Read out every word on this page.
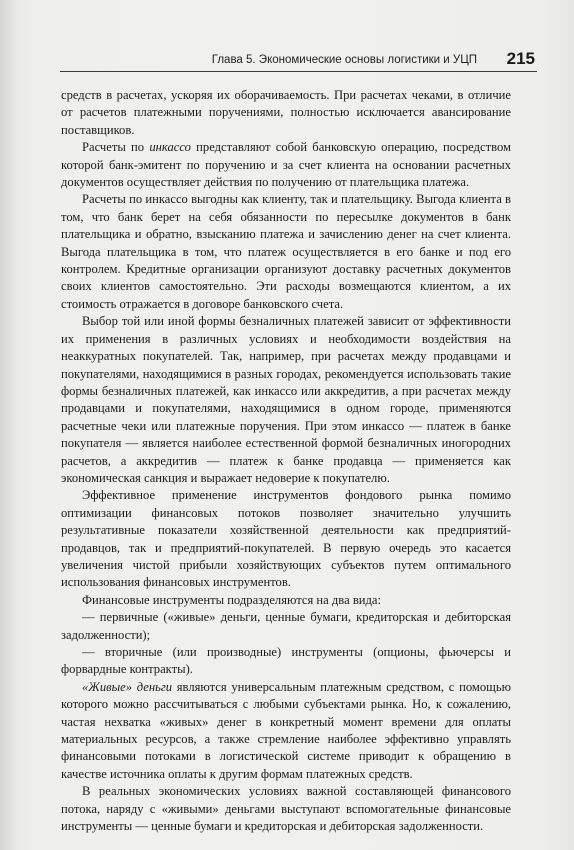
Глава 5. Экономические основы логистики и УЦП 215

средств в расчетах, ускоряя их оборачиваемость. При расчетах чеками, в отличие от расчетов платежными поручениями, полностью исключается авансирование поставщиков.

Расчеты по инкассо представляют собой банковскую операцию, посредством которой банк-эмитент по поручению и за счет клиента на основании расчетных документов осуществляет действия по получению от плательщика платежа.

Расчеты по инкассо выгодны как клиенту, так и плательщику. Выгода клиента в том, что банк берет на себя обязанности по пересылке документов в банк плательщика и обратно, взысканию платежа и зачислению денег на счет клиента. Выгода плательщика в том, что платеж осуществляется в его банке и под его контролем. Кредитные организации организуют доставку расчетных документов своих клиентов самостоятельно. Эти расходы возмещаются клиентом, а их стоимость отражается в договоре банковского счета.

Выбор той или иной формы безналичных платежей зависит от эффективности их применения в различных условиях и необходимости воздействия на неаккуратных покупателей. Так, например, при расчетах между продавцами и покупателями, находящимися в разных городах, рекомендуется использовать такие формы безналичных платежей, как инкассо или аккредитив, а при расчетах между продавцами и покупателями, находящимися в одном городе, применяются расчетные чеки или платежные поручения. При этом инкассо — платеж в банке покупателя — является наиболее естественной формой безналичных иногородних расчетов, а аккредитив — платеж к банке продавца — применяется как экономическая санкция и выражает недоверие к покупателю.

Эффективное применение инструментов фондового рынка помимо оптимизации финансовых потоков позволяет значительно улучшить результативные показатели хозяйственной деятельности как предприятий-продавцов, так и предприятий-покупателей. В первую очередь это касается увеличения чистой прибыли хозяйствующих субъектов путем оптимального использования финансовых инструментов.

Финансовые инструменты подразделяются на два вида:

— первичные («живые» деньги, ценные бумаги, кредиторская и дебиторская задолженности);

— вторичные (или производные) инструменты (опционы, фьючерсы и форвардные контракты).

«Живые» деньги являются универсальным платежным средством, с помощью которого можно рассчитываться с любыми субъектами рынка. Но, к сожалению, частая нехватка «живых» денег в конкретный момент времени для оплаты материальных ресурсов, а также стремление наиболее эффективно управлять финансовыми потоками в логистической системе приводит к обращению в качестве источника оплаты к другим формам платежных средств.

В реальных экономических условиях важной составляющей финансового потока, наряду с «живыми» деньгами выступают вспомогательные финансовые инструменты — ценные бумаги и кредиторская и дебиторская задолженности.
